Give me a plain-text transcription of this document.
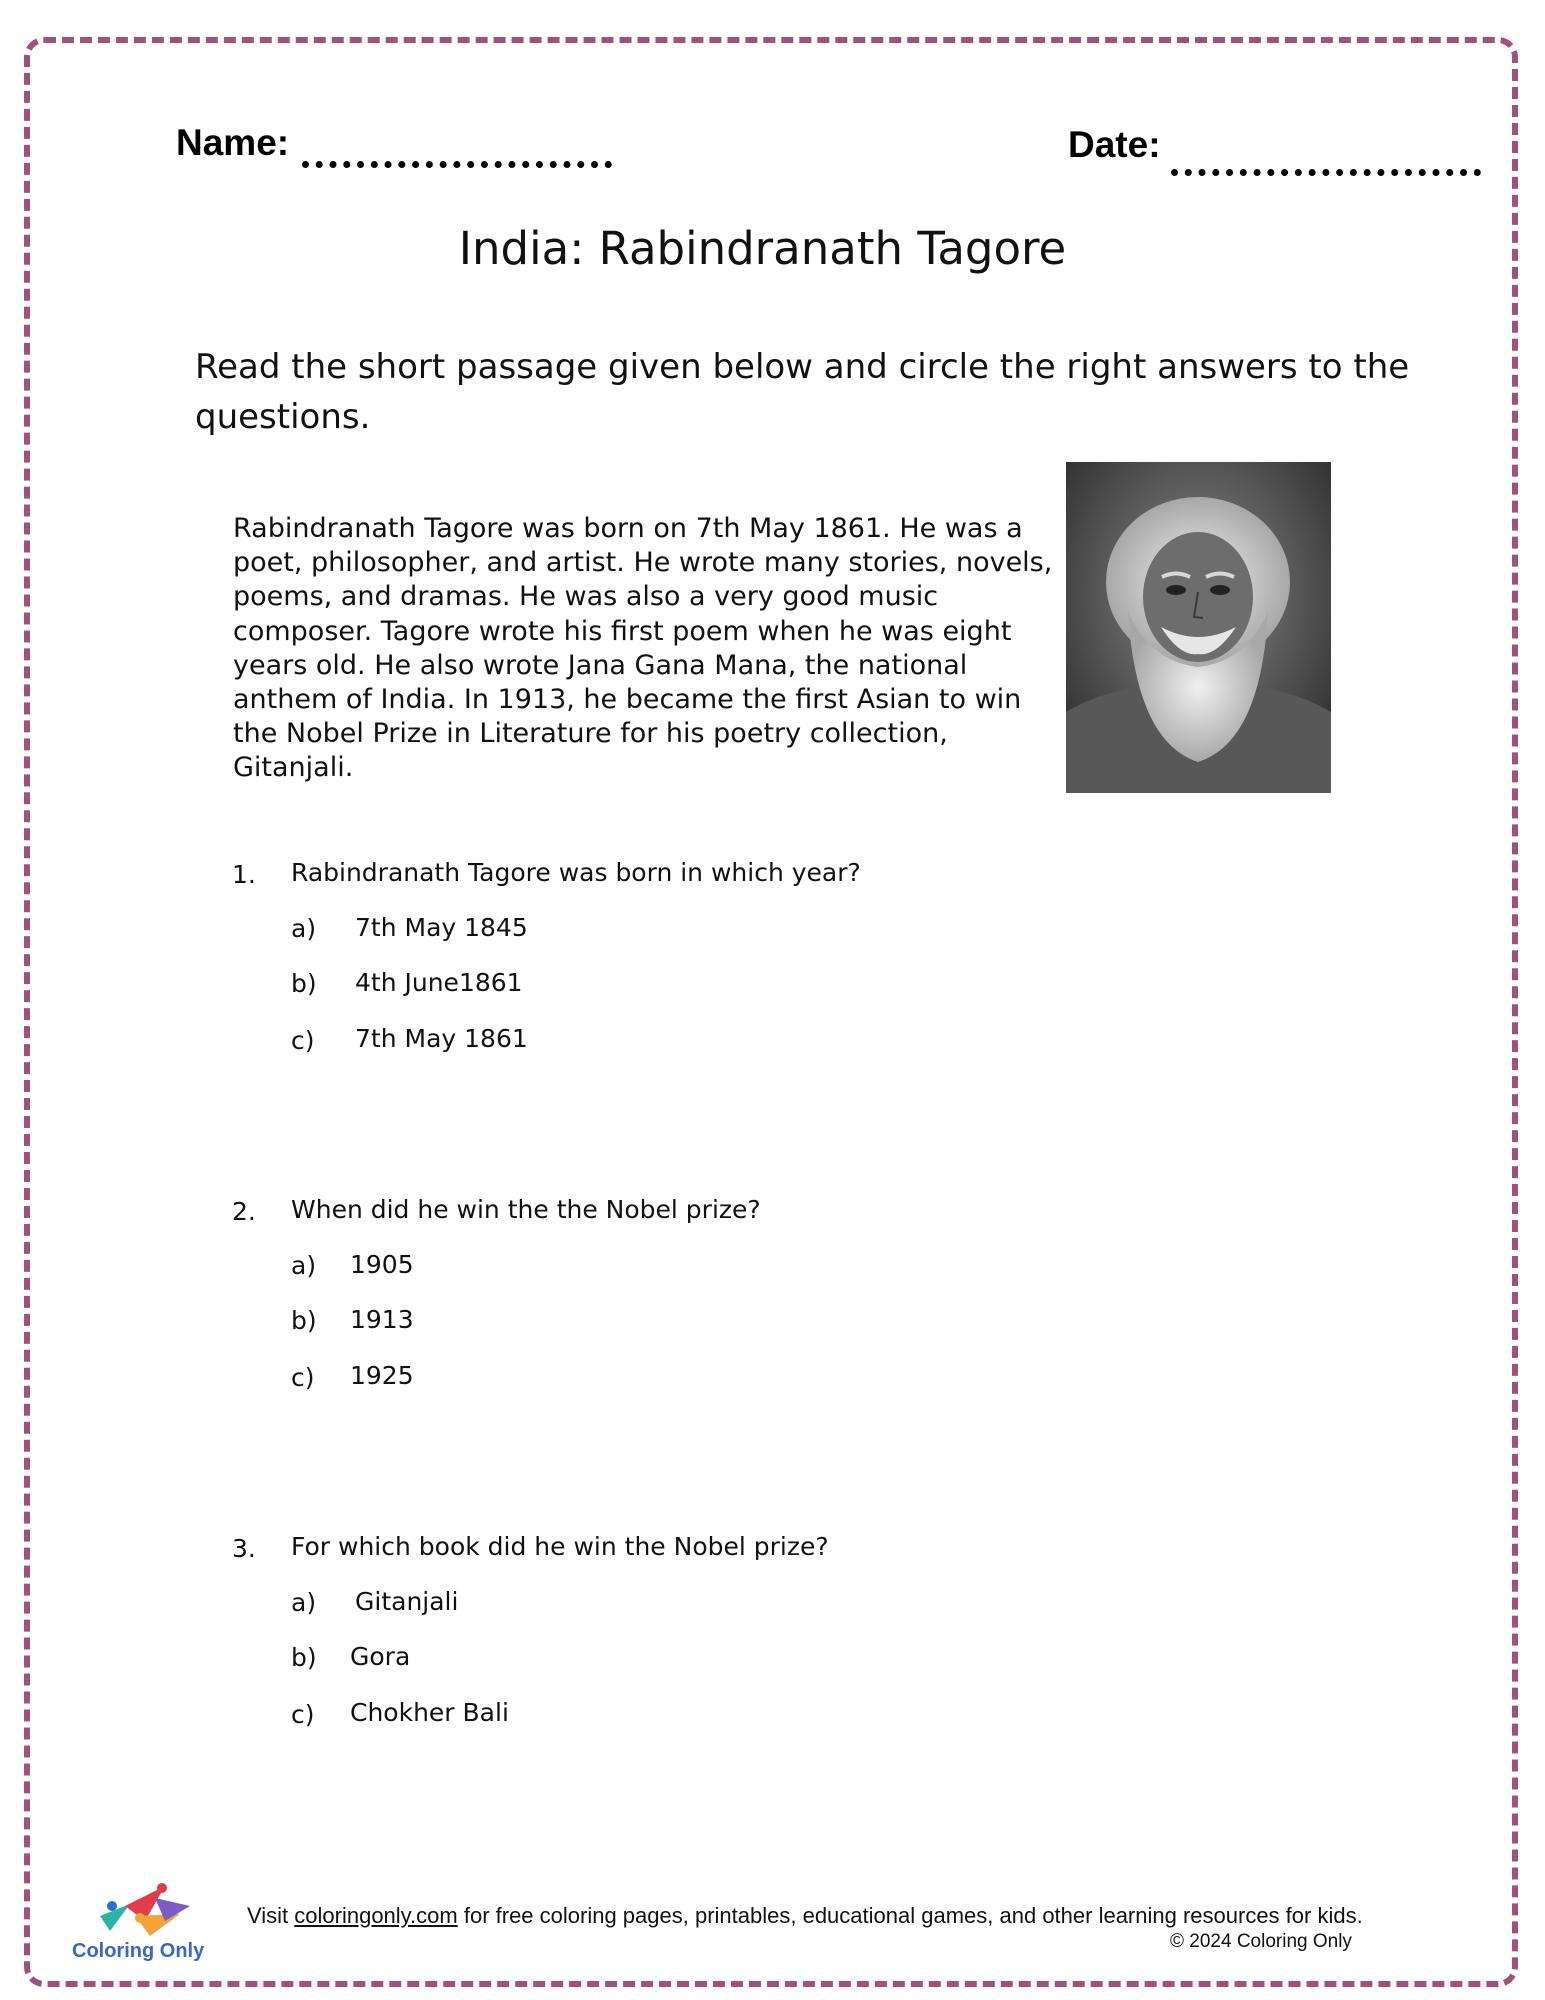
Name:	Date:
India: Rabindranath Tagore
Read the short passage given below and circle the right answers to the questions.
Rabindranath Tagore was born on 7th May 1861. He was a poet, philosopher, and artist. He wrote many stories, novels, poems, and dramas. He was also a very good music composer. Tagore wrote his first poem when he was eight years old. He also wrote Jana Gana Mana, the national anthem of India. In 1913, he became the first Asian to win the Nobel Prize in Literature for his poetry collection, Gitanjali.
1. Rabindranath Tagore was born in which year?
a) 7th May 1845
b) 4th June1861
c) 7th May 1861
2. When did he win the the Nobel prize?
a) 1905
b) 1913
c) 1925
3. For which book did he win the Nobel prize?
a) Gitanjali
b) Gora
c) Chokher Bali
Coloring Only
Visit coloringonly.com for free coloring pages, printables, educational games, and other learning resources for kids.
© 2024 Coloring Only
